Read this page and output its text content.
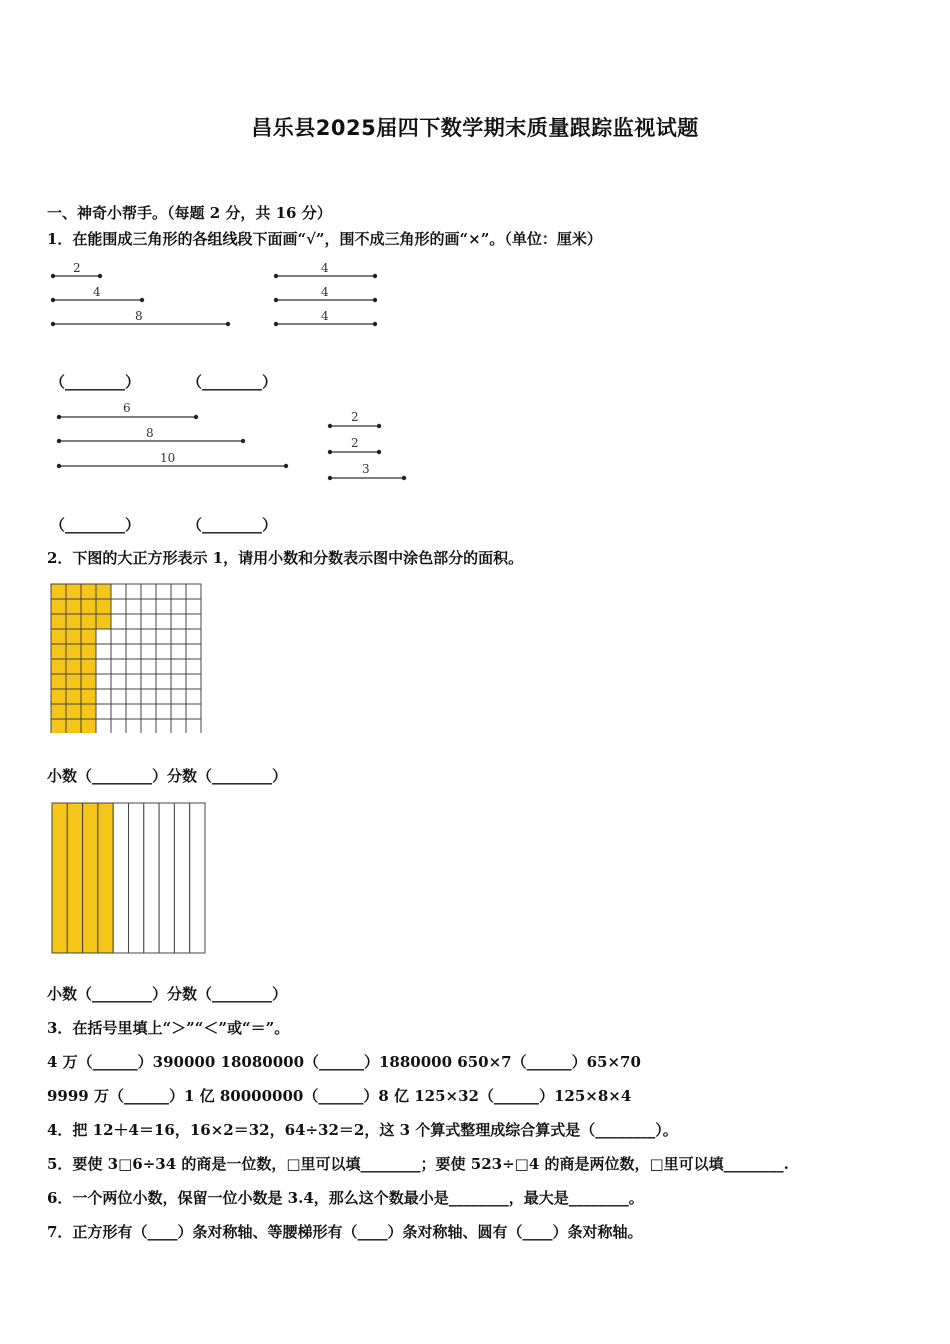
昌乐县2025届四下数学期末质量跟踪监视试题
一、神奇小帮手。（每题 2 分，共 16 分）
1．在能围成三角形的各组线段下面画“√”，围不成三角形的画“×”。（单位：厘米）
2
4
8
4
4
4
6
8
10
2
2
3
（________）	（________）
（________）	（________）
2．下图的大正方形表示 1，请用小数和分数表示图中涂色部分的面积。
小数（________）分数（________）
小数（________）分数（________）
3．在括号里填上“＞”“＜”或“＝”。
4 万（______）390000 18080000（______）1880000 650×7（______）65×70
9999 万（______）1 亿 80000000（______）8 亿 125×32（______）125×8×4
4．把 12＋4＝16，16×2＝32，64÷32＝2，这 3 个算式整理成综合算式是（________）。
5．要使 3□6÷34 的商是一位数，□里可以填________；要使 523÷□4 的商是两位数，□里可以填________.
6．一个两位小数，保留一位小数是 3.4，那么这个数最小是________，最大是________。
7．正方形有（____）条对称轴、等腰梯形有（____）条对称轴、圆有（____）条对称轴。
